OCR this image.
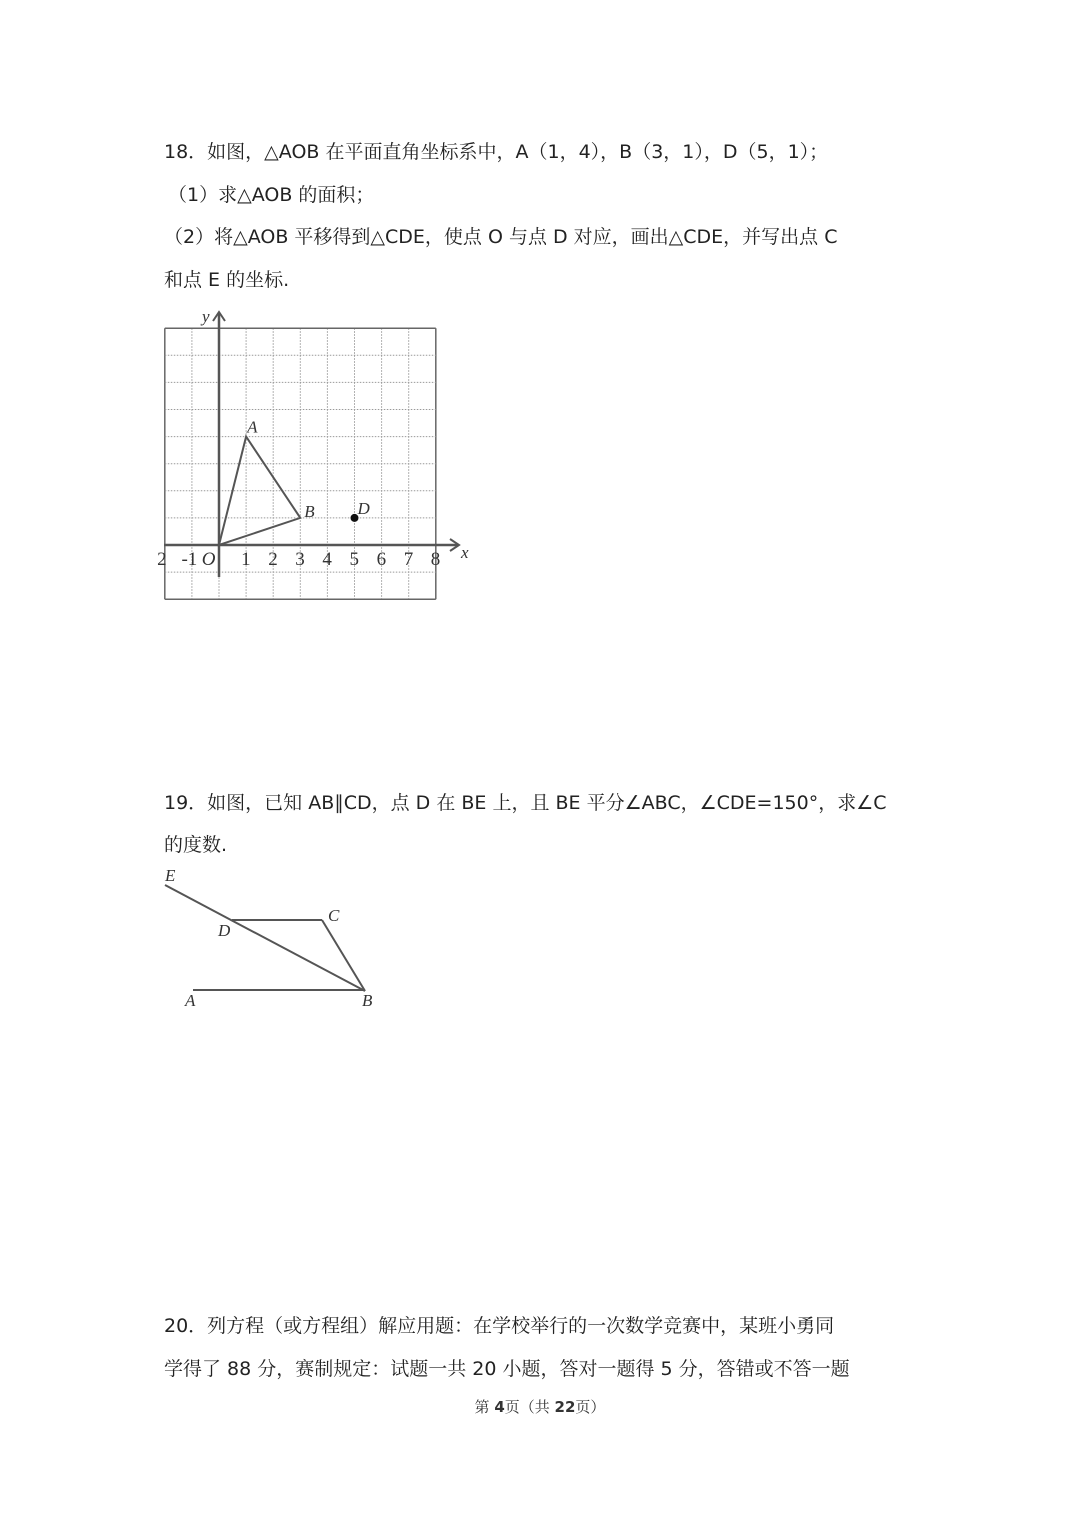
18．如图，△AOB 在平面直角坐标系中，A（1，4），B（3，1），D（5，1）；
（1）求△AOB 的面积；
（2）将△AOB 平移得到△CDE，使点 O 与点 D 对应，画出△CDE，并写出点 C
和点 E 的坐标.
x
y
2 -1 O 1 2 3 4 5 6 7 8
A
B	D
E
D
C
A	B
19．如图，已知 AB∥CD，点 D 在 BE 上，且 BE 平分∠ABC，∠CDE=150°，求∠C
的度数.
20．列方程（或方程组）解应用题：在学校举行的一次数学竞赛中，某班小勇同
学得了 88 分，赛制规定：试题一共 20 小题，答对一题得 5 分，答错或不答一题
第 4页（共 22页）
